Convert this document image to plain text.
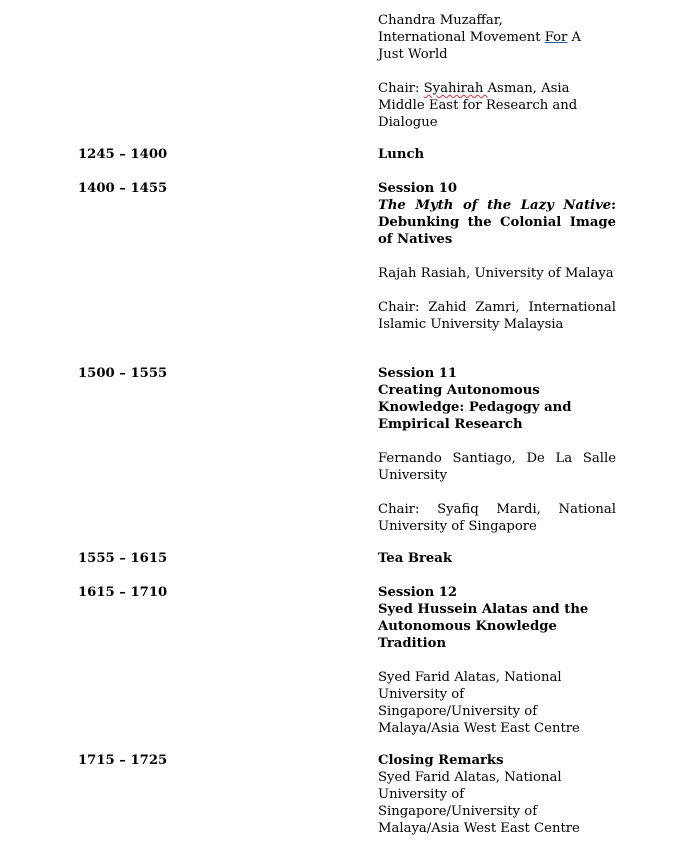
Chandra Muzaffar,
International Movement For A
Just World
Chair: Syahirah Asman, Asia
Middle East for Research and
Dialogue
1245 – 1400	Lunch
1400 – 1455	Session 10
The Myth of the Lazy Native: Debunking the Colonial Image of Natives
Rajah Rasiah, University of Malaya
Chair: Zahid Zamri, International Islamic University Malaysia
1500 – 1555	Session 11
Creating Autonomous
Knowledge: Pedagogy and
Empirical Research
Fernando Santiago, De La Salle University
Chair: Syafiq Mardi, National University of Singapore
1555 – 1615	Tea Break
1615 – 1710	Session 12
Syed Hussein Alatas and the
Autonomous Knowledge
Tradition
Syed Farid Alatas, National
University of
Singapore/University of
Malaya/Asia West East Centre
1715 – 1725	Closing Remarks
Syed Farid Alatas, National
University of
Singapore/University of
Malaya/Asia West East Centre
